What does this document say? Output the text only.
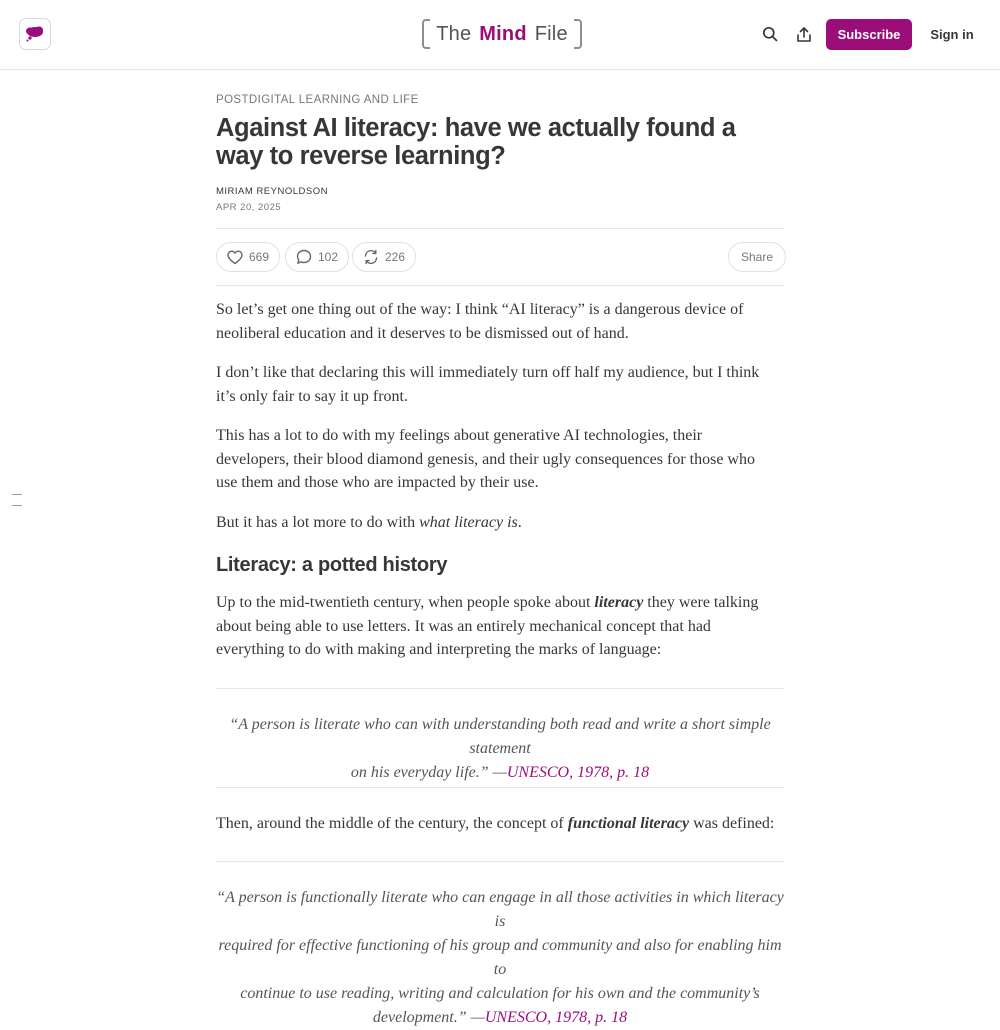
The Mind File	Subscribe	Sign in
POSTDIGITAL LEARNING AND LIFE
Against AI literacy: have we actually found a
way to reverse learning?
MIRIAM REYNOLDSON
APR 20, 2025
669	102	226	Share
So let’s get one thing out of the way: I think “AI literacy” is a dangerous device of
neoliberal education and it deserves to be dismissed out of hand.
I don’t like that declaring this will immediately turn off half my audience, but I think
it’s only fair to say it up front.
This has a lot to do with my feelings about generative AI technologies, their
developers, their blood diamond genesis, and their ugly consequences for those who
use them and those who are impacted by their use.
But it has a lot more to do with what literacy is.
Literacy: a potted history
Up to the mid-twentieth century, when people spoke about literacy they were talking
about being able to use letters. It was an entirely mechanical concept that had
everything to do with making and interpreting the marks of language:
“A person is literate who can with understanding both read and write a short simple statement
on his everyday life.” —UNESCO, 1978, p. 18
Then, around the middle of the century, the concept of functional literacy was defined:
“A person is functionally literate who can engage in all those activities in which literacy is
required for effective functioning of his group and community and also for enabling him to
continue to use reading, writing and calculation for his own and the community’s
development.” —UNESCO, 1978, p. 18
